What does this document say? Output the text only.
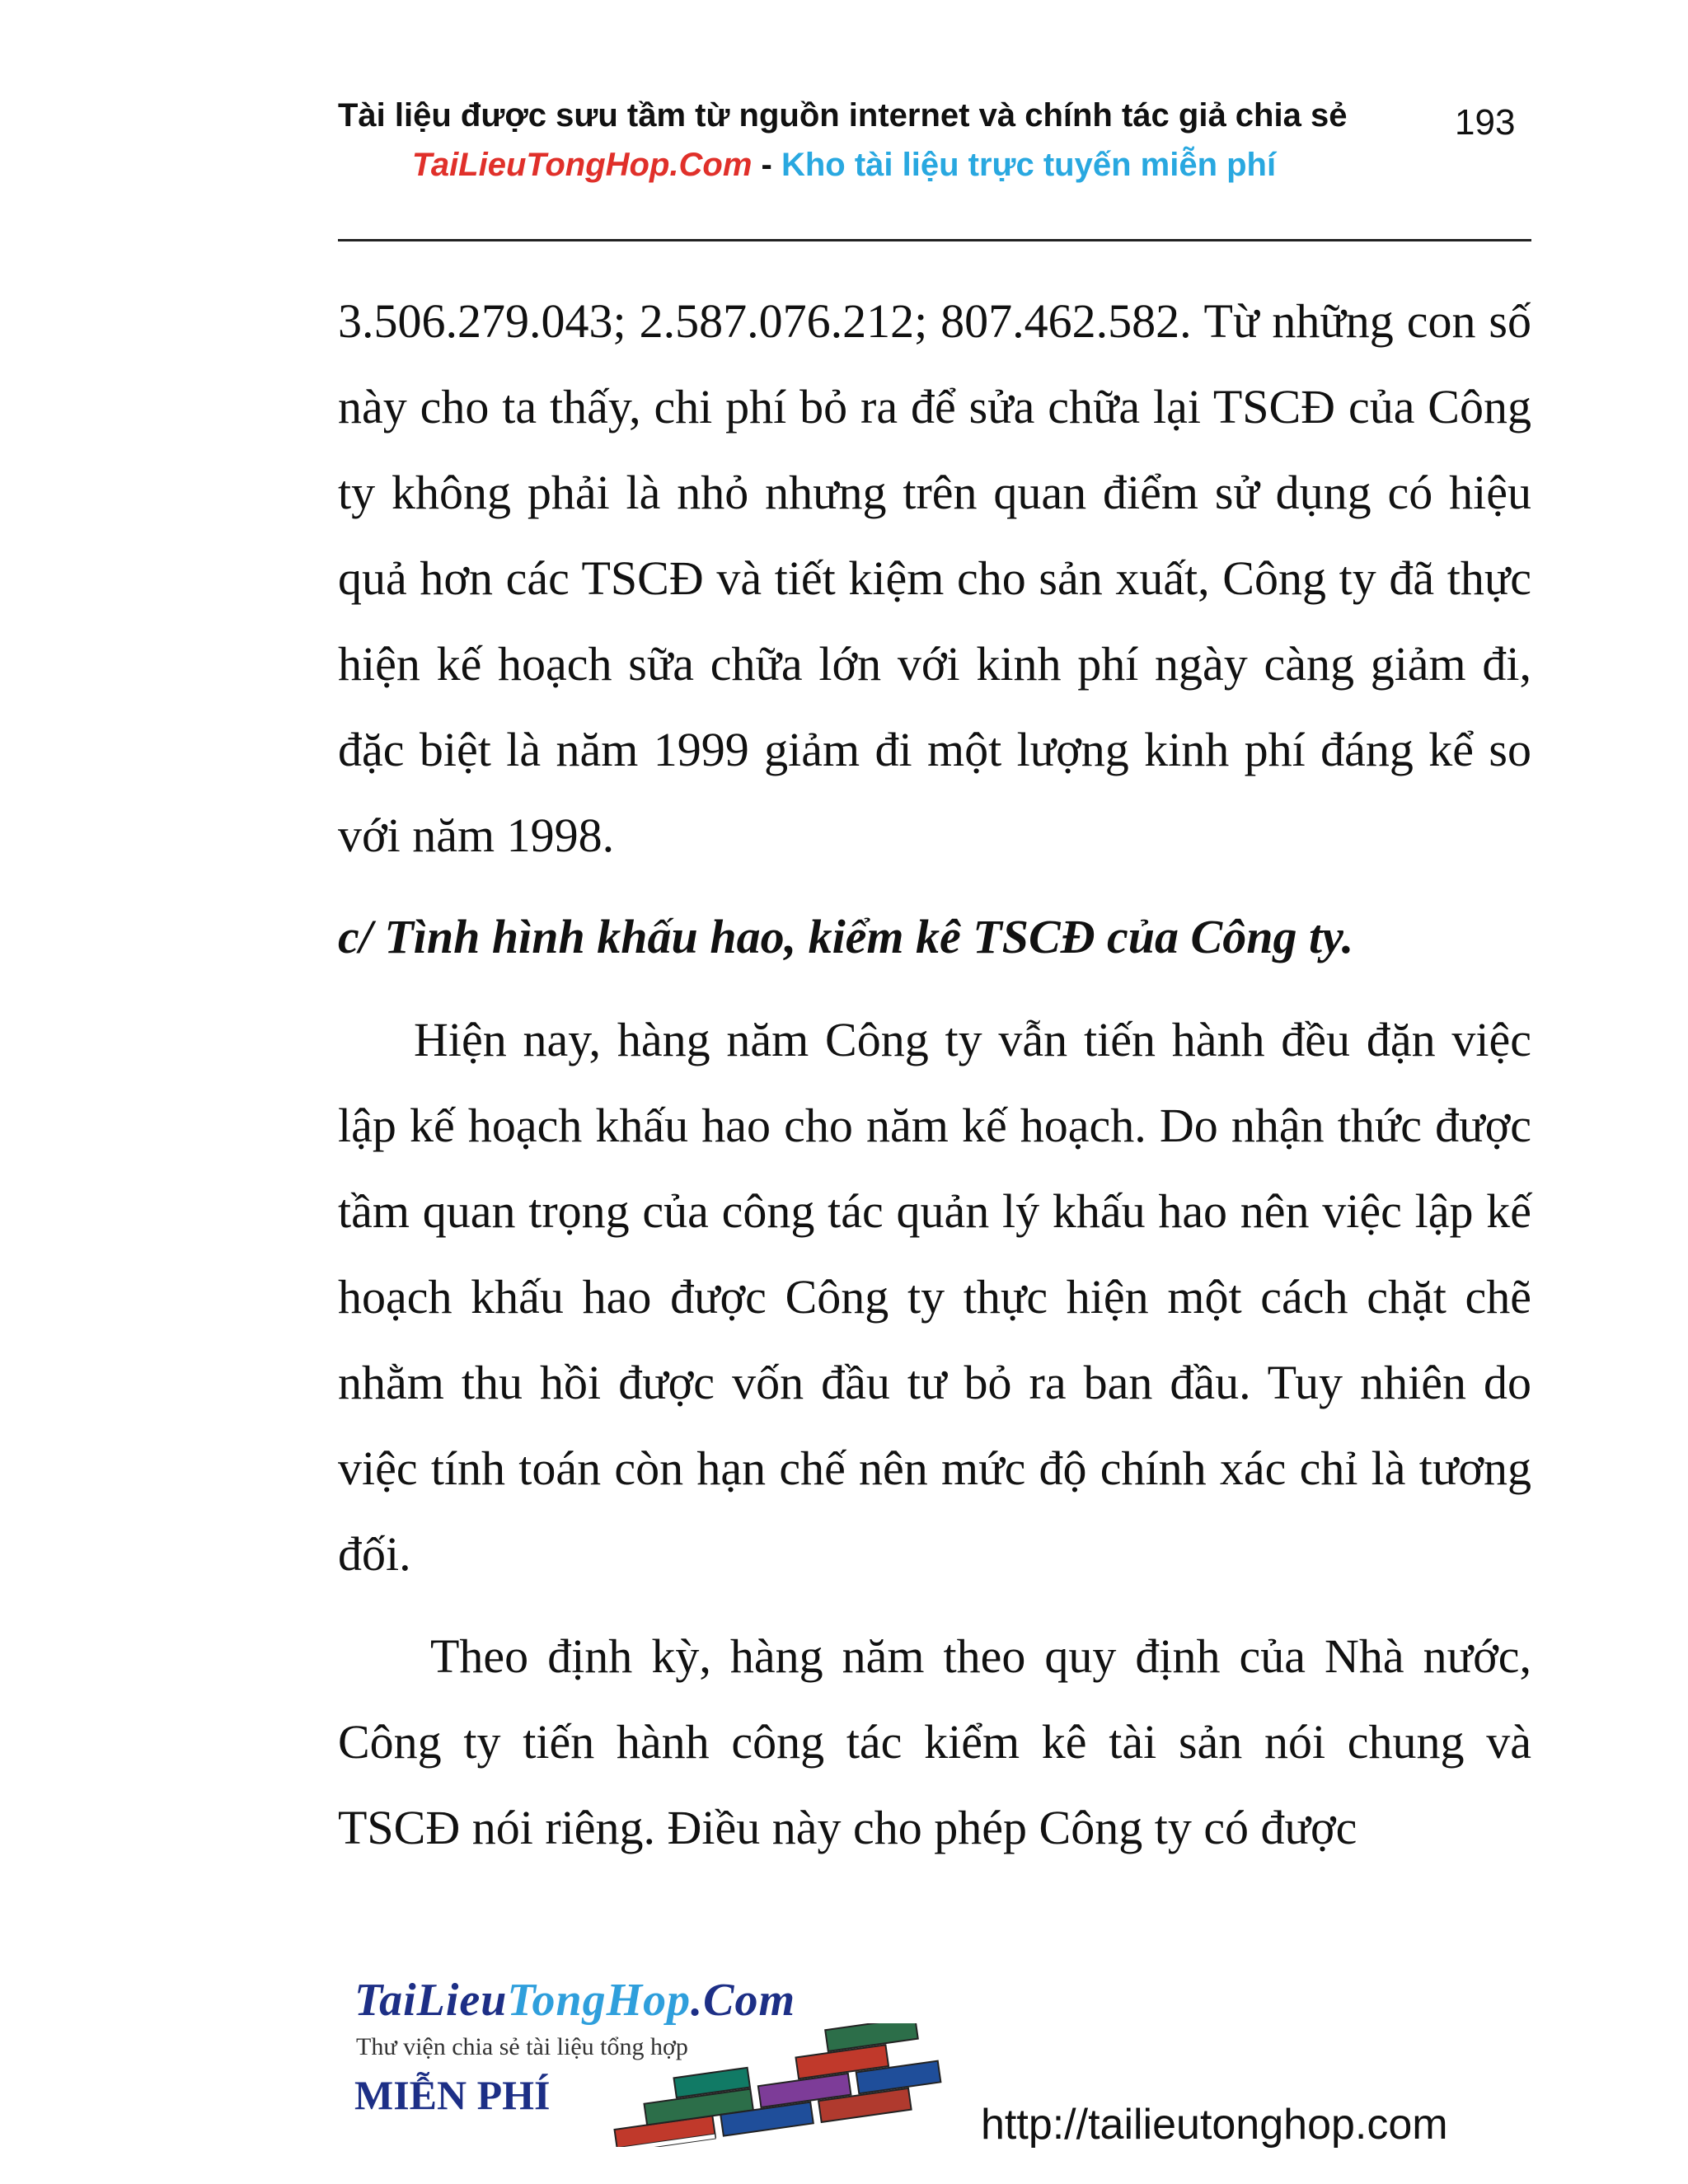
Tài liệu được sưu tầm từ nguồn internet và chính tác giả chia sẻ	193
TaiLieuTongHop.Com - Kho tài liệu trực tuyến miễn phí
3.506.279.043; 2.587.076.212; 807.462.582. Từ những con số này cho ta thấy, chi phí bỏ ra để sửa chữa lại TSCĐ của Công ty không phải là nhỏ nhưng trên quan điểm sử dụng có hiệu quả hơn các TSCĐ và tiết kiệm cho sản xuất, Công ty đã thực hiện kế hoạch sữa chữa lớn với kinh phí ngày càng giảm đi, đặc biệt là năm 1999 giảm đi một lượng kinh phí đáng kể so với năm 1998.
c/ Tình hình khấu hao, kiểm kê TSCĐ của Công ty.
Hiện nay, hàng năm Công ty vẫn tiến hành đều đặn việc lập kế hoạch khấu hao cho năm kế hoạch. Do nhận thức được tầm quan trọng của công tác quản lý khấu hao nên việc lập kế hoạch khấu hao được Công ty thực hiện một cách chặt chẽ nhằm thu hồi được vốn đầu tư bỏ ra ban đầu. Tuy nhiên do việc tính toán còn hạn chế nên mức độ chính xác chỉ là tương đối.
Theo định kỳ, hàng năm theo quy định của Nhà nước, Công ty tiến hành công tác kiểm kê tài sản nói chung và TSCĐ nói riêng. Điều này cho phép Công ty có được
TaiLieuTongHop.Com
Thư viện chia sẻ tài liệu tổng hợp
MIỄN PHÍ
http://tailieutonghop.com
